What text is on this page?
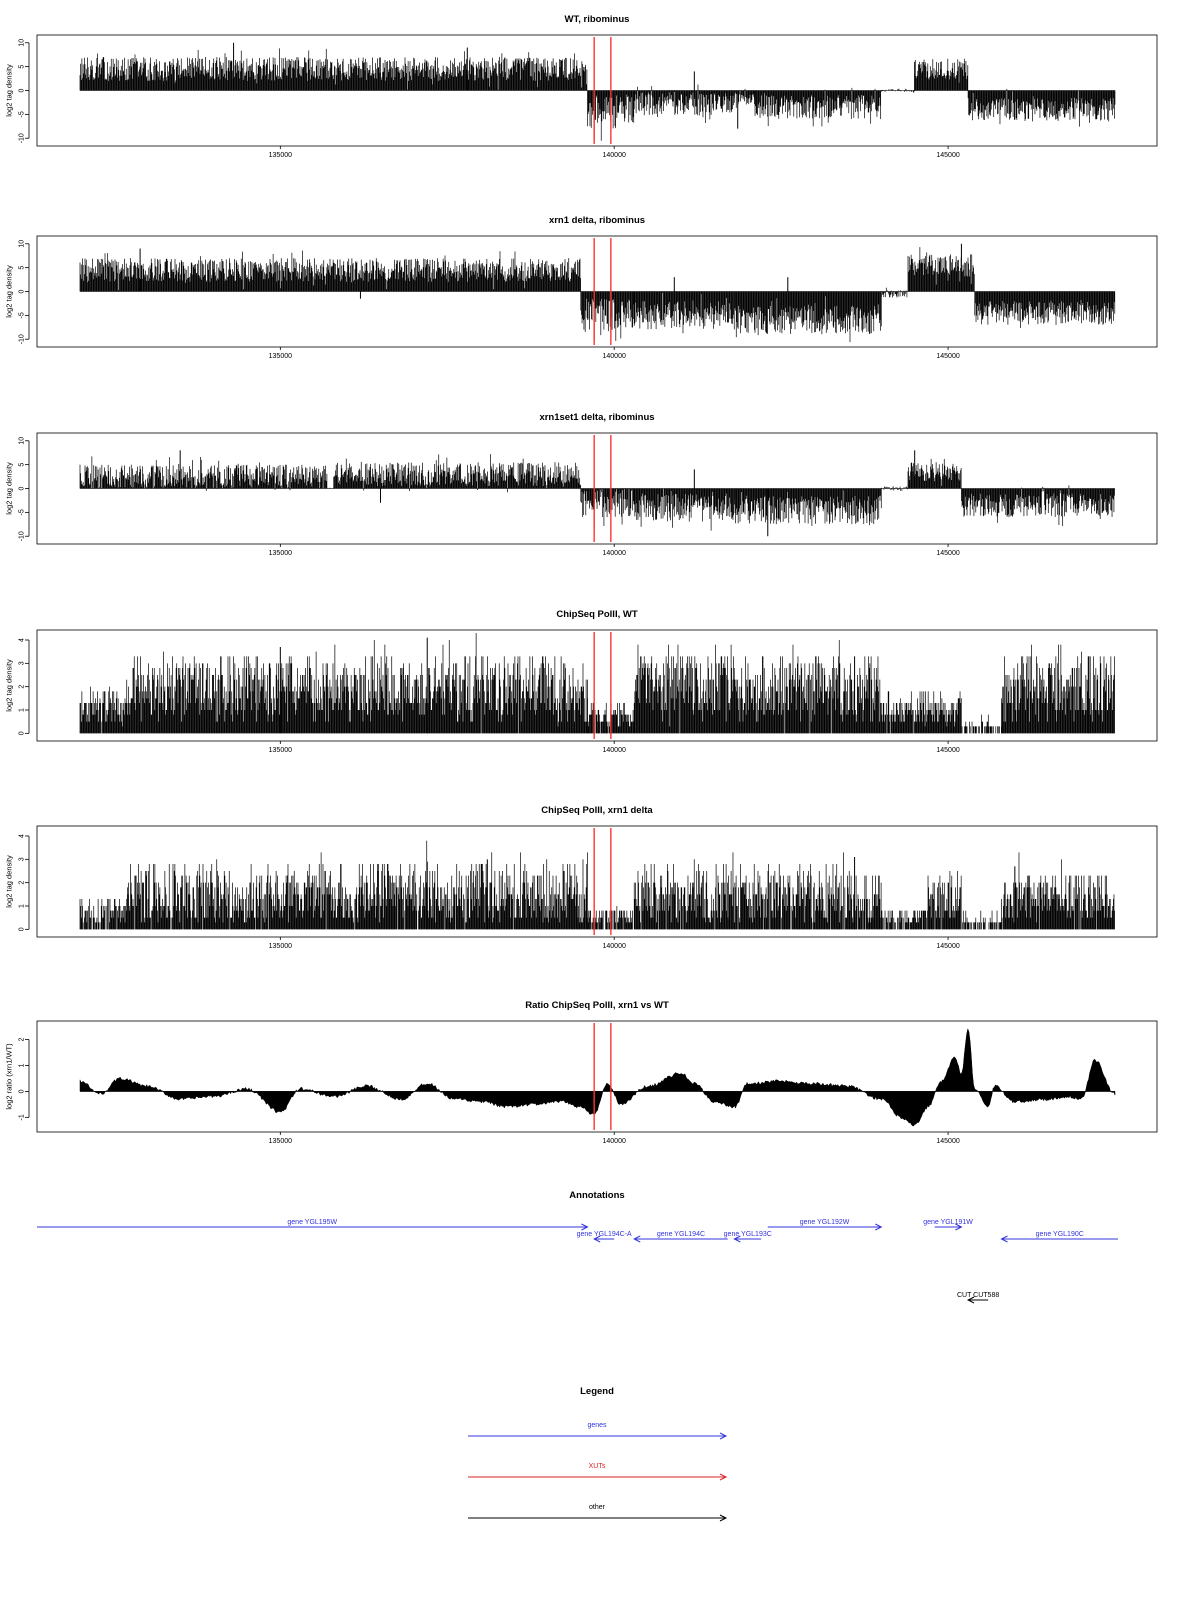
WT, ribominus
-10
-5
0
5
10
log2 tag density
135000	140000	145000
xrn1 delta, ribominus
-10
-5
0
5
10
log2 tag density
135000	140000	145000
xrn1set1 delta, ribominus
-10
-5
0
5
10
log2 tag density
135000	140000	145000
ChipSeq PolII, WT
0
1
2
3
4
log2 tag density
135000	140000	145000
ChipSeq PolII, xrn1 delta
0
1
2
3
4
log2 tag density
135000	140000	145000
Ratio ChipSeq PolII, xrn1 vs WT
-1
0
1
2
log2 ratio (xrn1/WT)
135000	140000	145000
Annotations
gene YGL195W
gene YGL194C-A	gene YGL194C	gene YGL193C
gene YGL192W	gene YGL191W
gene YGL190C
CUT CUT588
Legend
genes
XUTs
other
